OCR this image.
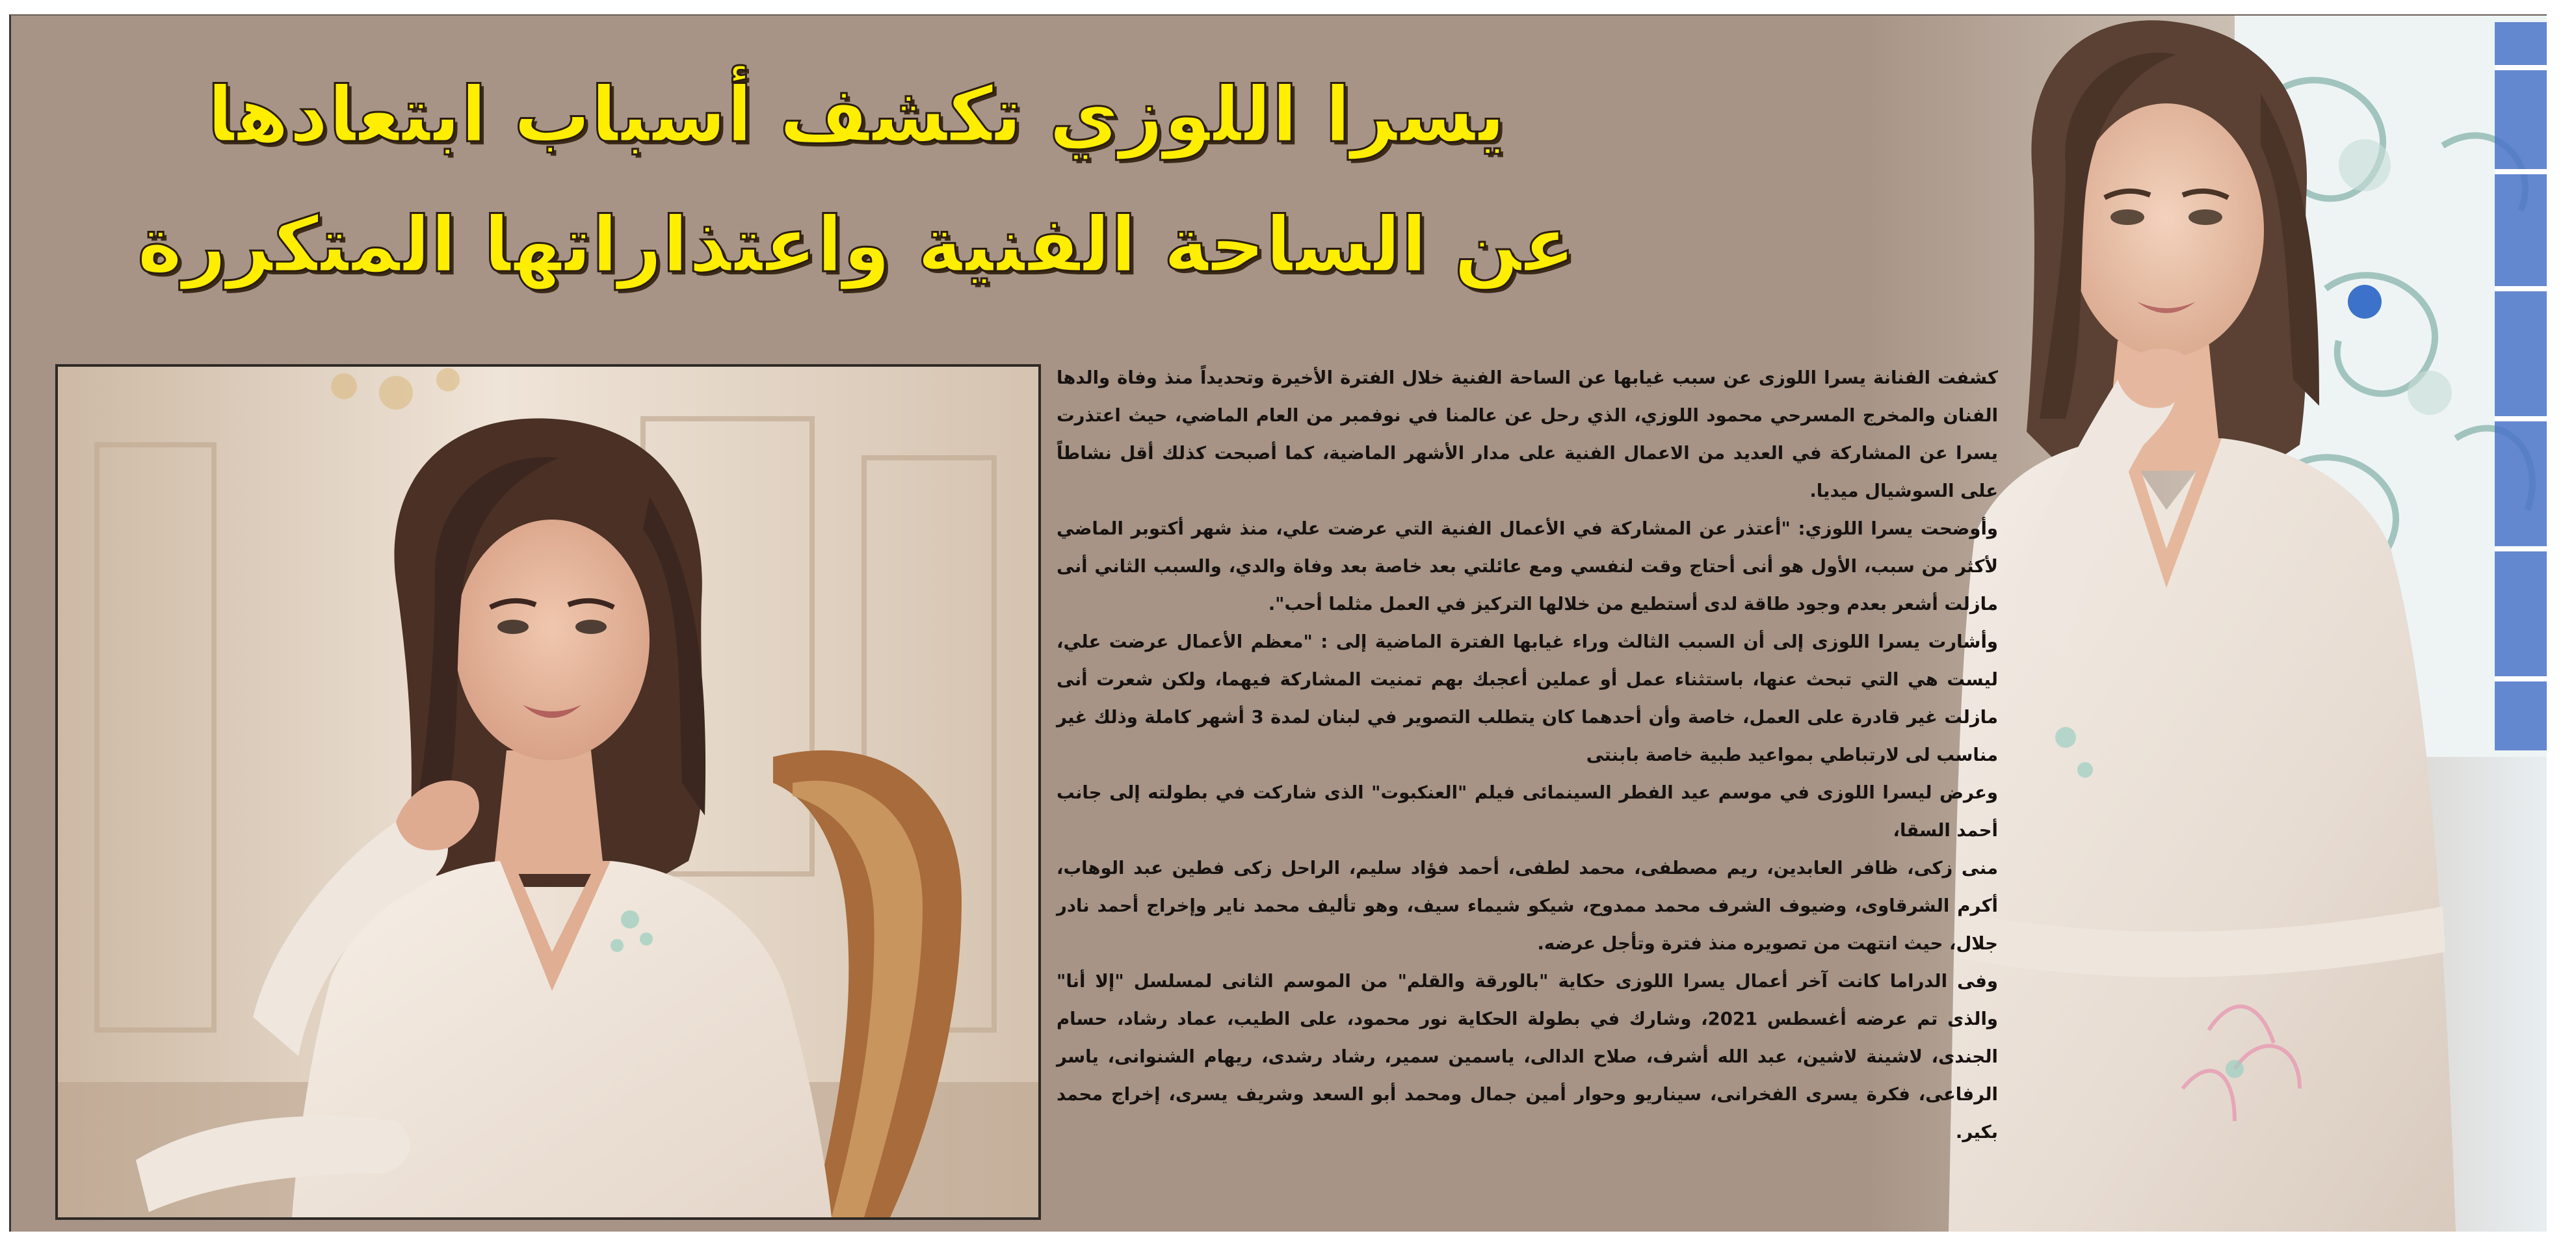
يسرا اللوزي تكشف أسباب ابتعادها
عن الساحة الفنية واعتذاراتها المتكررة

كشفت الفنانة يسرا اللوزى عن سبب غيابها عن الساحة الفنية خلال الفترة الأخيرة وتحديداً منذ وفاة والدها الفنان والمخرج المسرحي محمود اللوزي، الذي رحل عن عالمنا في نوفمبر من العام الماضي، حيث اعتذرت يسرا عن المشاركة في العديد من الاعمال الفنية على مدار الأشهر الماضية، كما أصبحت كذلك أقل نشاطاً على السوشيال ميديا.

وأوضحت يسرا اللوزي: "أعتذر عن المشاركة في الأعمال الفنية التي عرضت علي، منذ شهر أكتوبر الماضي لأكثر من سبب، الأول هو أنى أحتاج وقت لنفسي ومع عائلتي بعد خاصة بعد وفاة والدي، والسبب الثاني أنى مازلت أشعر بعدم وجود طاقة لدى أستطيع من خلالها التركيز في العمل مثلما أحب".

وأشارت يسرا اللوزى إلى أن السبب الثالث وراء غيابها الفترة الماضية إلى : "معظم الأعمال عرضت علي، ليست هي التي تبحث عنها، باستثناء عمل أو عملين أعجبك بهم تمنيت المشاركة فيهما، ولكن شعرت أنى مازلت غير قادرة على العمل، خاصة وأن أحدهما كان يتطلب التصوير في لبنان لمدة 3 أشهر كاملة وذلك غير مناسب لى لارتباطي بمواعيد طبية خاصة بابنتى

وعرض ليسرا اللوزى في موسم عيد الفطر السينمائى فيلم "العنكبوت" الذى شاركت في بطولته إلى جانب أحمد السقا،

منى زكى، ظافر العابدين، ريم مصطفى، محمد لطفى، أحمد فؤاد سليم، الراحل زكى فطين عبد الوهاب، أكرم الشرقاوى، وضيوف الشرف محمد ممدوح، شيكو شيماء سيف، وهو تأليف محمد ناير وإخراج أحمد نادر جلال، حيث انتهت من تصويره منذ فترة وتأجل عرضه.

وفى الدراما كانت آخر أعمال يسرا اللوزى حكاية "بالورقة والقلم" من الموسم الثانى لمسلسل "إلا أنا" والذى تم عرضه أغسطس 2021، وشارك في بطولة الحكاية نور محمود، على الطيب، عماد رشاد، حسام الجندى، لاشينة لاشين، عبد الله أشرف، صلاح الدالى، ياسمين سمير، رشاد رشدى، ريهام الشنوانى، ياسر الرفاعى، فكرة يسرى الفخرانى، سيناريو وحوار أمين جمال ومحمد أبو السعد وشريف يسرى، إخراج محمد بكير.
